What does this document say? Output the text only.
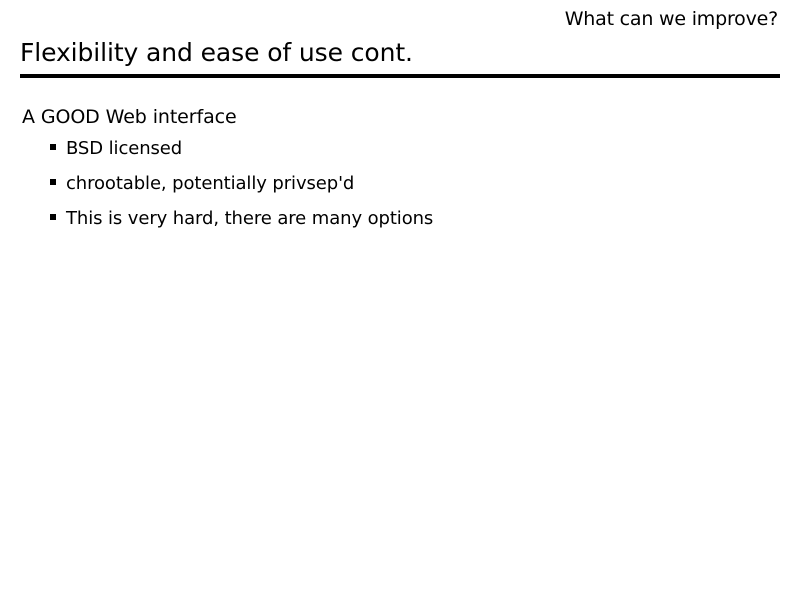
What can we improve?
Flexibility and ease of use cont.

A GOOD Web interface

BSD licensed
chrootable, potentially privsep'd
This is very hard, there are many options
